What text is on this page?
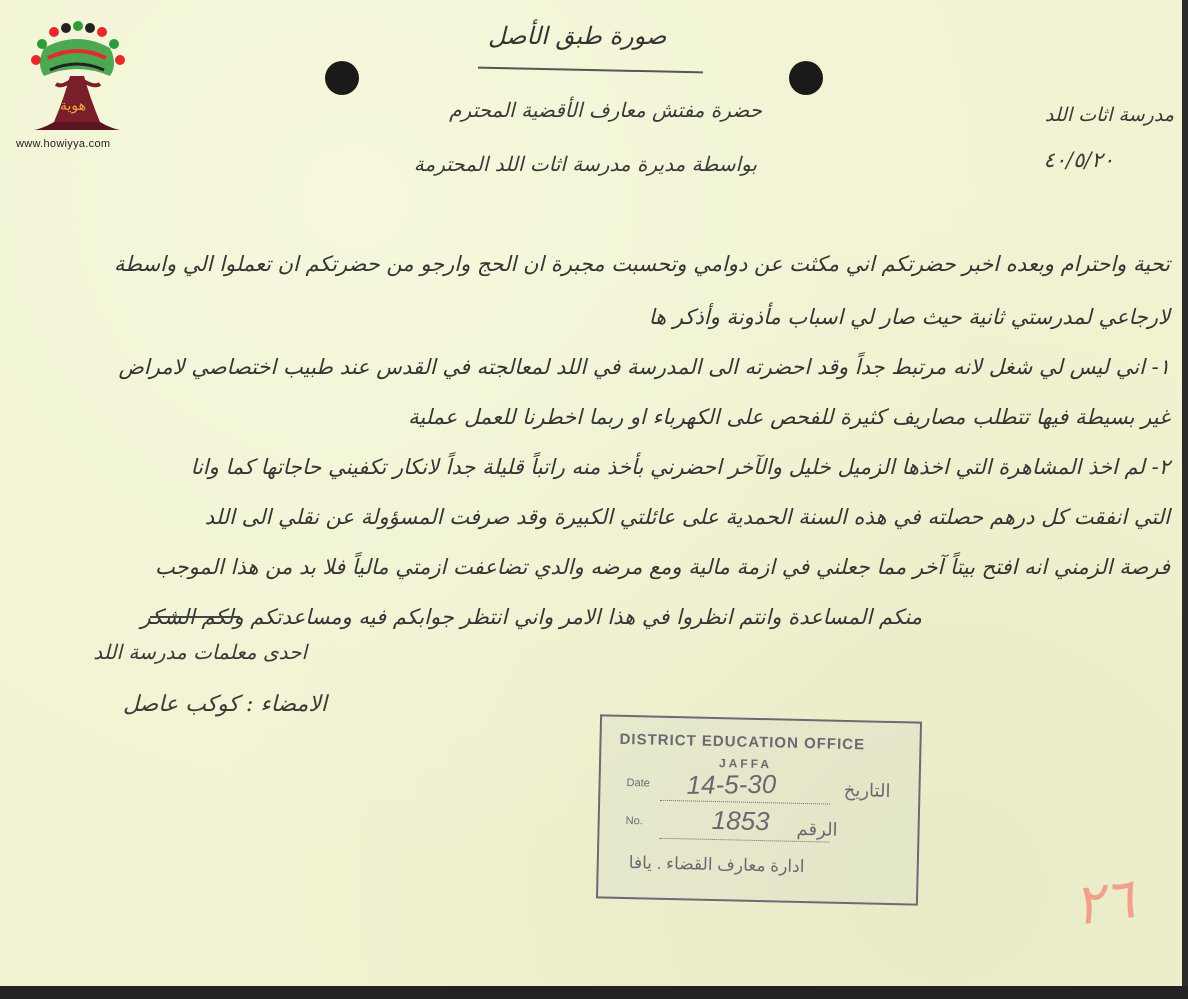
هوية
www.howiyya.com
صورة طبق الأصل
مدرسة اثات اللد
٤٠/٥/٢٠
حضرة مفتش معارف الأقضية المحترم
بواسطة مديرة مدرسة اثات اللد المحترمة
تحية واحترام وبعده اخبر حضرتكم اني مكثت عن دوامي وتحسبت مجبرة ان الحج وارجو من حضرتكم ان تعملوا الي واسطة
لارجاعي لمدرستي ثانية حيث صار لي اسباب مأذونة وأذكر ها
١- اني ليس لي شغل لانه مرتبط جداً وقد احضرته الى المدرسة في اللد لمعالجته في القدس عند طبيب اختصاصي لامراض
غير بسيطة فيها تتطلب مصاريف كثيرة للفحص على الكهرباء او ربما اخطرنا للعمل عملية
٢- لم اخذ المشاهرة التي اخذها الزميل خليل والآخر احضرني بأخذ منه راتباً قليلة جداً لانكار تكفيني حاجاتها كما وانا
التي انفقت كل درهم حصلته في هذه السنة الحمدية على عائلتي الكبيرة وقد صرفت المسؤولة عن نقلي الى اللد
فرصة الزمني انه افتح بيتاً آخر مما جعلني في ازمة مالية ومع مرضه والدي تضاعفت ازمتي مالياً فلا بد من هذا الموجب
منكم المساعدة وانتم انظروا في هذا الامر واني انتظر جوابكم فيه ومساعدتكم ولكم الشكر
احدى معلمات مدرسة اللد
الامضاء : كوكب عاصل
DISTRICT EDUCATION OFFICE
JAFFA
Date 14-5-30	التاريخ
No.	1853 الرقم
ادارة معارف القضاء . يافا
٢٦
